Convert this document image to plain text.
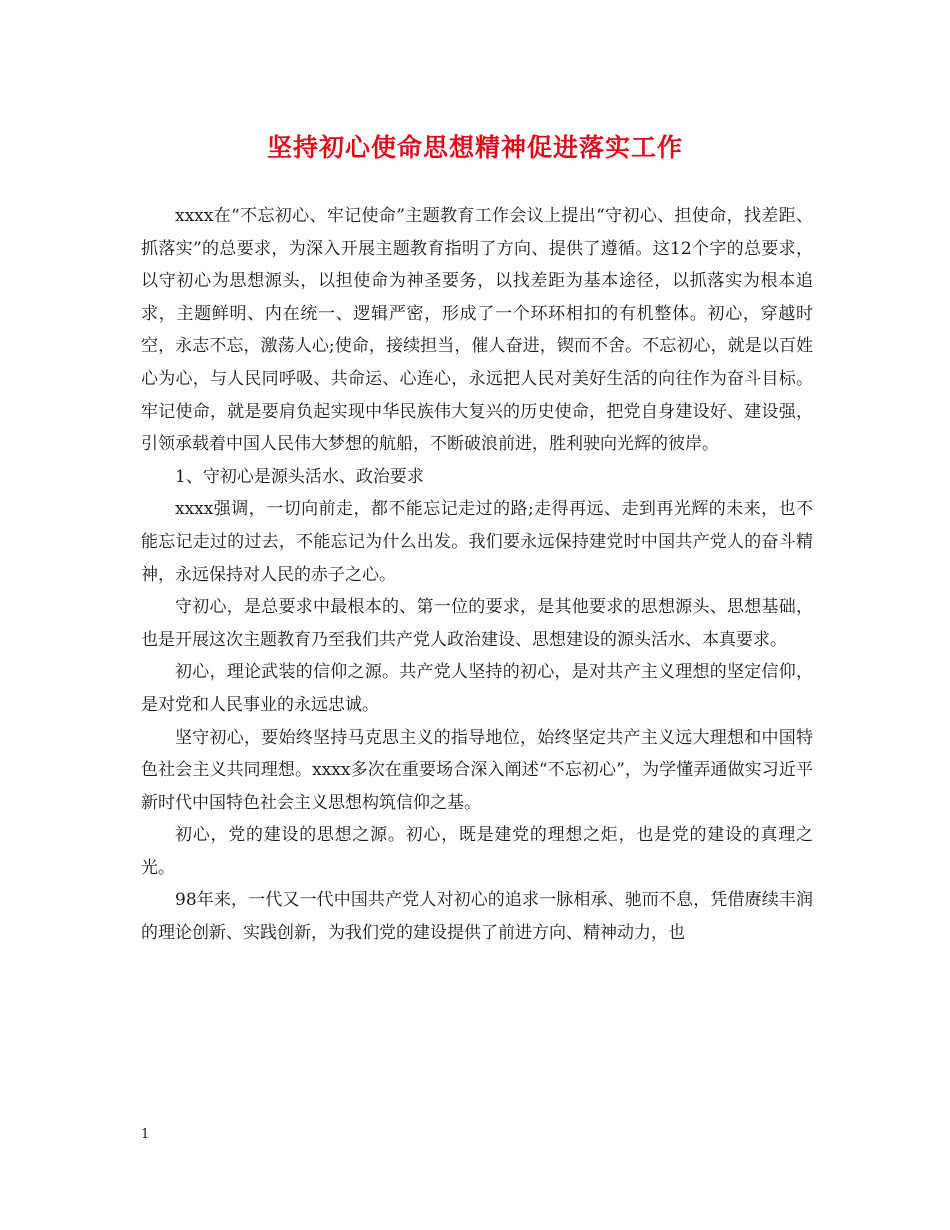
坚持初心使命思想精神促进落实工作

xxxx在“不忘初心、牢记使命”主题教育工作会议上提出“守初心、担使命，找差距、抓落实”的总要求，为深入开展主题教育指明了方向、提供了遵循。这12个字的总要求，以守初心为思想源头，以担使命为神圣要务，以找差距为基本途径，以抓落实为根本追求，主题鲜明、内在统一、逻辑严密，形成了一个环环相扣的有机整体。初心，穿越时空，永志不忘，激荡人心;使命，接续担当，催人奋进，锲而不舍。不忘初心，就是以百姓心为心，与人民同呼吸、共命运、心连心，永远把人民对美好生活的向往作为奋斗目标。牢记使命，就是要肩负起实现中华民族伟大复兴的历史使命，把党自身建设好、建设强，引领承载着中国人民伟大梦想的航船，不断破浪前进，胜利驶向光辉的彼岸。

1、守初心是源头活水、政治要求

xxxx强调，一切向前走，都不能忘记走过的路;走得再远、走到再光辉的未来，也不能忘记走过的过去，不能忘记为什么出发。我们要永远保持建党时中国共产党人的奋斗精神，永远保持对人民的赤子之心。

守初心，是总要求中最根本的、第一位的要求，是其他要求的思想源头、思想基础，也是开展这次主题教育乃至我们共产党人政治建设、思想建设的源头活水、本真要求。

初心，理论武装的信仰之源。共产党人坚持的初心，是对共产主义理想的坚定信仰，是对党和人民事业的永远忠诚。

坚守初心，要始终坚持马克思主义的指导地位，始终坚定共产主义远大理想和中国特色社会主义共同理想。xxxx多次在重要场合深入阐述“不忘初心”，为学懂弄通做实习近平新时代中国特色社会主义思想构筑信仰之基。

初心，党的建设的思想之源。初心，既是建党的理想之炬，也是党的建设的真理之光。

98年来，一代又一代中国共产党人对初心的追求一脉相承、驰而不息，凭借赓续丰润的理论创新、实践创新，为我们党的建设提供了前进方向、精神动力，也

1
